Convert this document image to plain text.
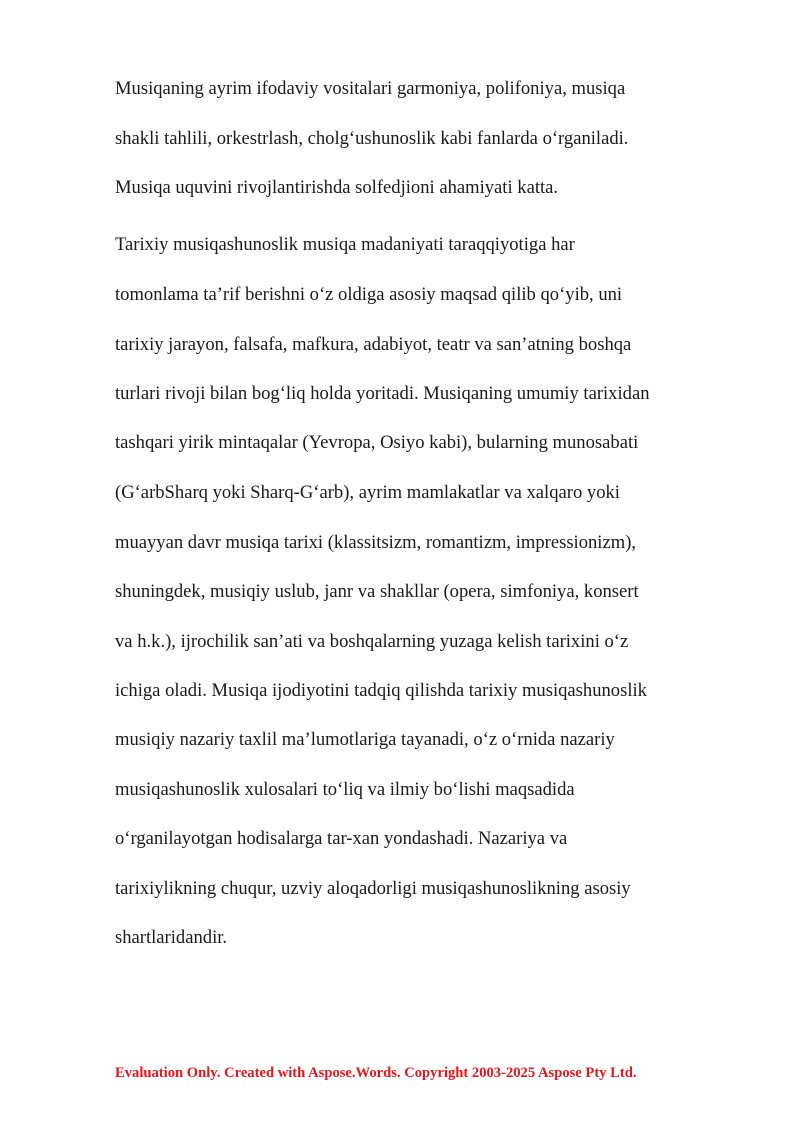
Musiqaning ayrim ifodaviy vositalari garmoniya, polifoniya, musiqa
shakli tahlili, orkestrlash, cholg‘ushunoslik kabi fanlarda o‘rganiladi.
Musiqa uquvini rivojlantirishda solfedjioni ahamiyati katta.
Tarixiy musiqashunoslik musiqa madaniyati taraqqiyotiga har
tomonlama ta’rif berishni o‘z oldiga asosiy maqsad qilib qo‘yib, uni
tarixiy jarayon, falsafa, mafkura, adabiyot, teatr va san’atning boshqa
turlari rivoji bilan bog‘liq holda yoritadi. Musiqaning umumiy tarixidan
tashqari yirik mintaqalar (Yevropa, Osiyo kabi), bularning munosabati
(G‘arbSharq yoki Sharq-G‘arb), ayrim mamlakatlar va xalqaro yoki
muayyan davr musiqa tarixi (klassitsizm, romantizm, impressionizm),
shuningdek, musiqiy uslub, janr va shakllar (opera, simfoniya, konsert
va h.k.), ijrochilik san’ati va boshqalarning yuzaga kelish tarixini o‘z
ichiga oladi. Musiqa ijodiyotini tadqiq qilishda tarixiy musiqashunoslik
musiqiy nazariy taxlil ma’lumotlariga tayanadi, o‘z o‘rnida nazariy
musiqashunoslik xulosalari to‘liq va ilmiy bo‘lishi maqsadida
o‘rganilayotgan hodisalarga tar-xan yondashadi. Nazariya va
tarixiylikning chuqur, uzviy aloqadorligi musiqashunoslikning asosiy
shartlaridandir.
Evaluation Only. Created with Aspose.Words. Copyright 2003-2025 Aspose Pty Ltd.
